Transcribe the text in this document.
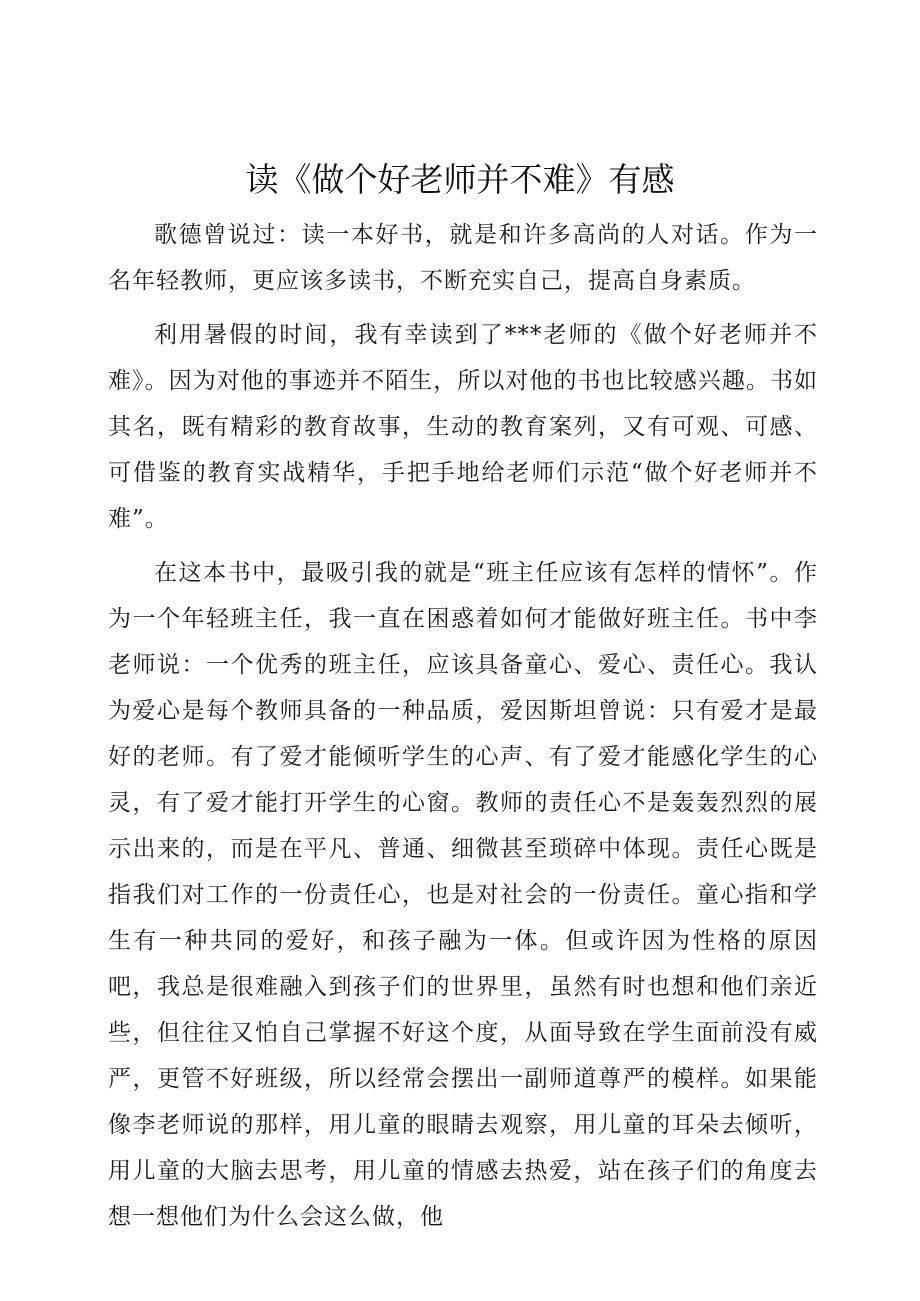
读《做个好老师并不难》有感

歌德曾说过：读一本好书，就是和许多高尚的人对话。作为一名年轻教师，更应该多读书，不断充实自己，提高自身素质。

利用暑假的时间，我有幸读到了***老师的《做个好老师并不难》。因为对他的事迹并不陌生，所以对他的书也比较感兴趣。书如其名，既有精彩的教育故事，生动的教育案列，又有可观、可感、可借鉴的教育实战精华，手把手地给老师们示范“做个好老师并不难”。

在这本书中，最吸引我的就是“班主任应该有怎样的情怀”。作为一个年轻班主任，我一直在困惑着如何才能做好班主任。书中李老师说：一个优秀的班主任，应该具备童心、爱心、责任心。我认为爱心是每个教师具备的一种品质，爱因斯坦曾说：只有爱才是最好的老师。有了爱才能倾听学生的心声、有了爱才能感化学生的心灵，有了爱才能打开学生的心窗。教师的责任心不是轰轰烈烈的展示出来的，而是在平凡、普通、细微甚至琐碎中体现。责任心既是指我们对工作的一份责任心，也是对社会的一份责任。童心指和学生有一种共同的爱好，和孩子融为一体。但或许因为性格的原因吧，我总是很难融入到孩子们的世界里，虽然有时也想和他们亲近些，但往往又怕自己掌握不好这个度，从面导致在学生面前没有威严，更管不好班级，所以经常会摆出一副师道尊严的模样。如果能像李老师说的那样，用儿童的眼睛去观察，用儿童的耳朵去倾听，用儿童的大脑去思考，用儿童的情感去热爱，站在孩子们的角度去想一想他们为什么会这么做，他
